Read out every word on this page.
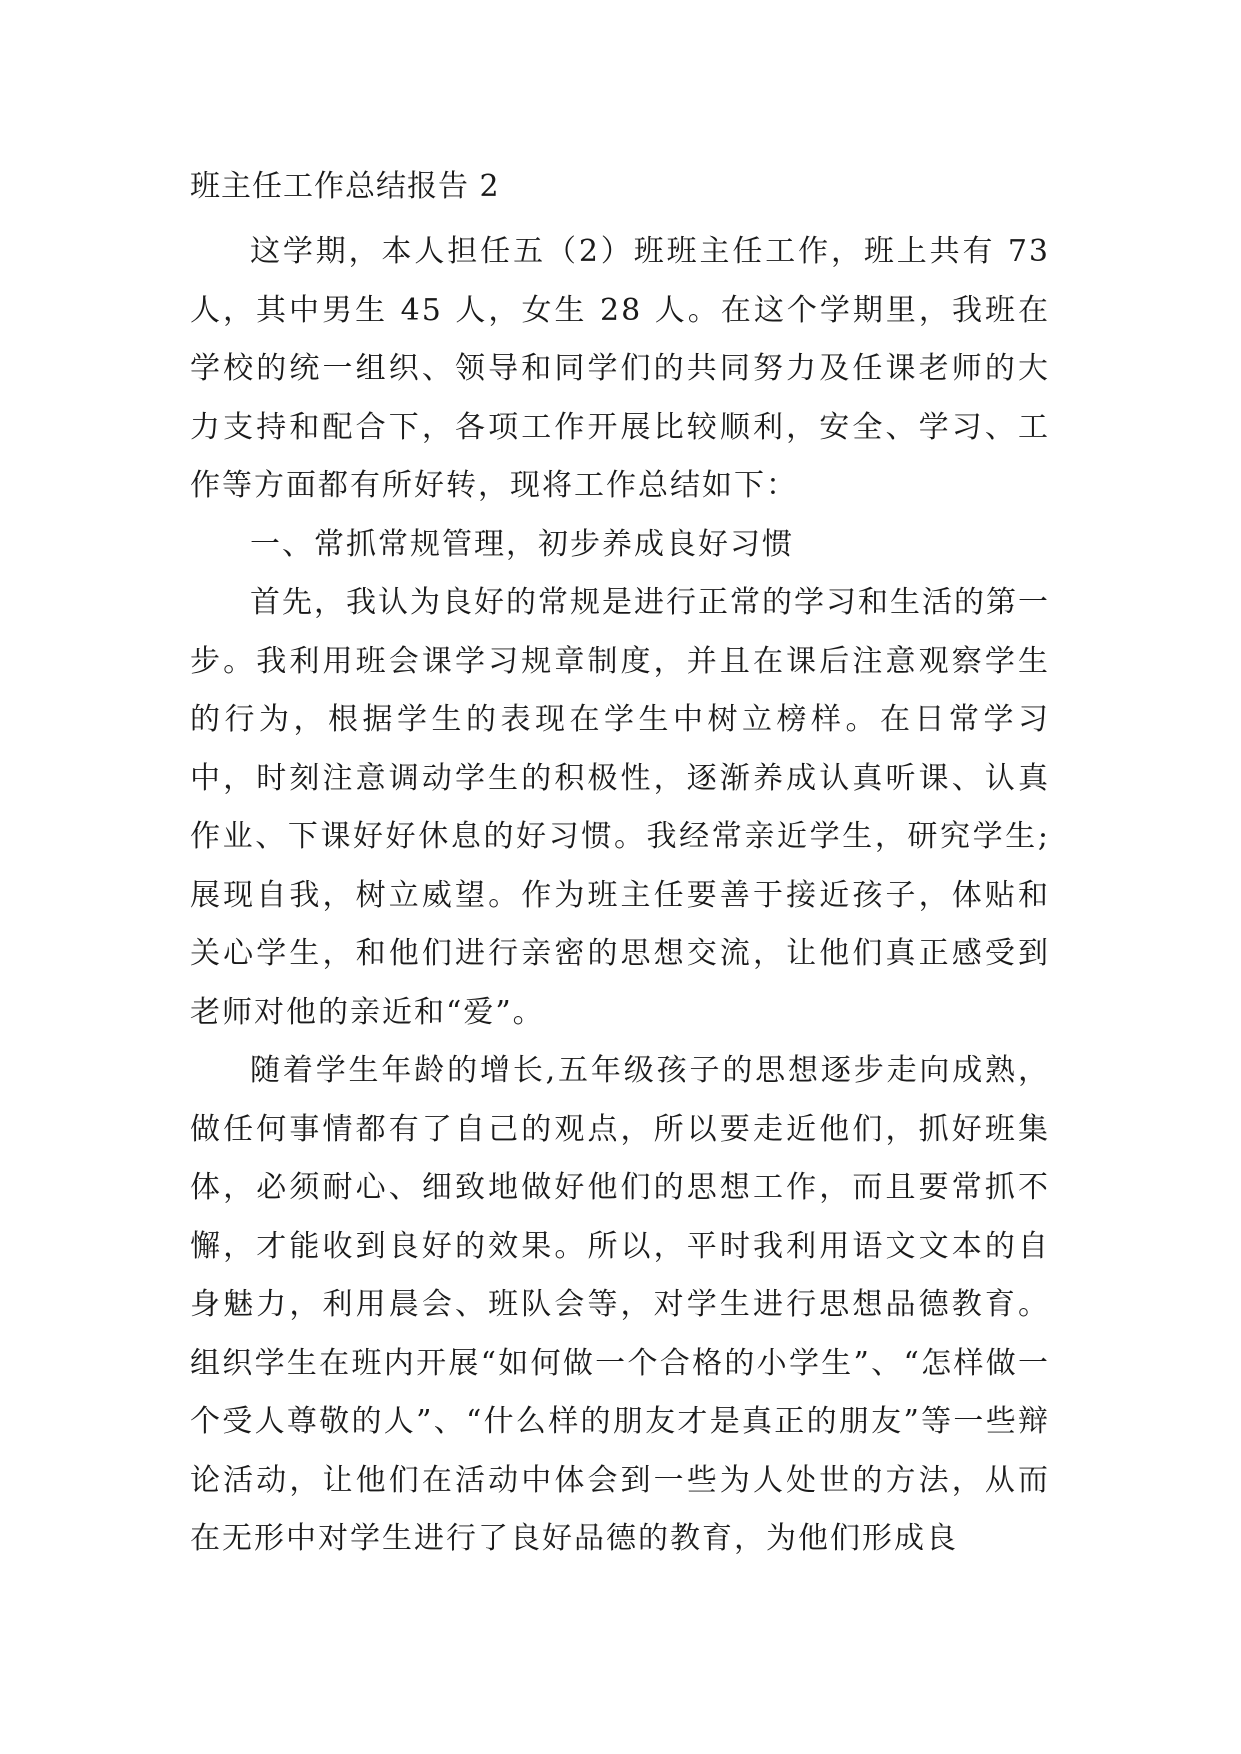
班主任工作总结报告 2

这学期，本人担任五（2）班班主任工作，班上共有 73 人，其中男生 45 人，女生 28 人。在这个学期里，我班在学校的统一组织、领导和同学们的共同努力及任课老师的大力支持和配合下，各项工作开展比较顺利，安全、学习、工作等方面都有所好转，现将工作总结如下：

一、常抓常规管理，初步养成良好习惯

首先，我认为良好的常规是进行正常的学习和生活的第一步。我利用班会课学习规章制度，并且在课后注意观察学生的行为，根据学生的表现在学生中树立榜样。在日常学习中，时刻注意调动学生的积极性，逐渐养成认真听课、认真作业、下课好好休息的好习惯。我经常亲近学生，研究学生;展现自我，树立威望。作为班主任要善于接近孩子，体贴和关心学生，和他们进行亲密的思想交流，让他们真正感受到老师对他的亲近和“爱”。

随着学生年龄的增长,五年级孩子的思想逐步走向成熟，做任何事情都有了自己的观点，所以要走近他们，抓好班集体，必须耐心、细致地做好他们的思想工作，而且要常抓不懈，才能收到良好的效果。所以，平时我利用语文文本的自身魅力，利用晨会、班队会等，对学生进行思想品德教育。组织学生在班内开展“如何做一个合格的小学生”、“怎样做一个受人尊敬的人”、“什么样的朋友才是真正的朋友”等一些辩论活动，让他们在活动中体会到一些为人处世的方法，从而在无形中对学生进行了良好品德的教育，为他们形成良
